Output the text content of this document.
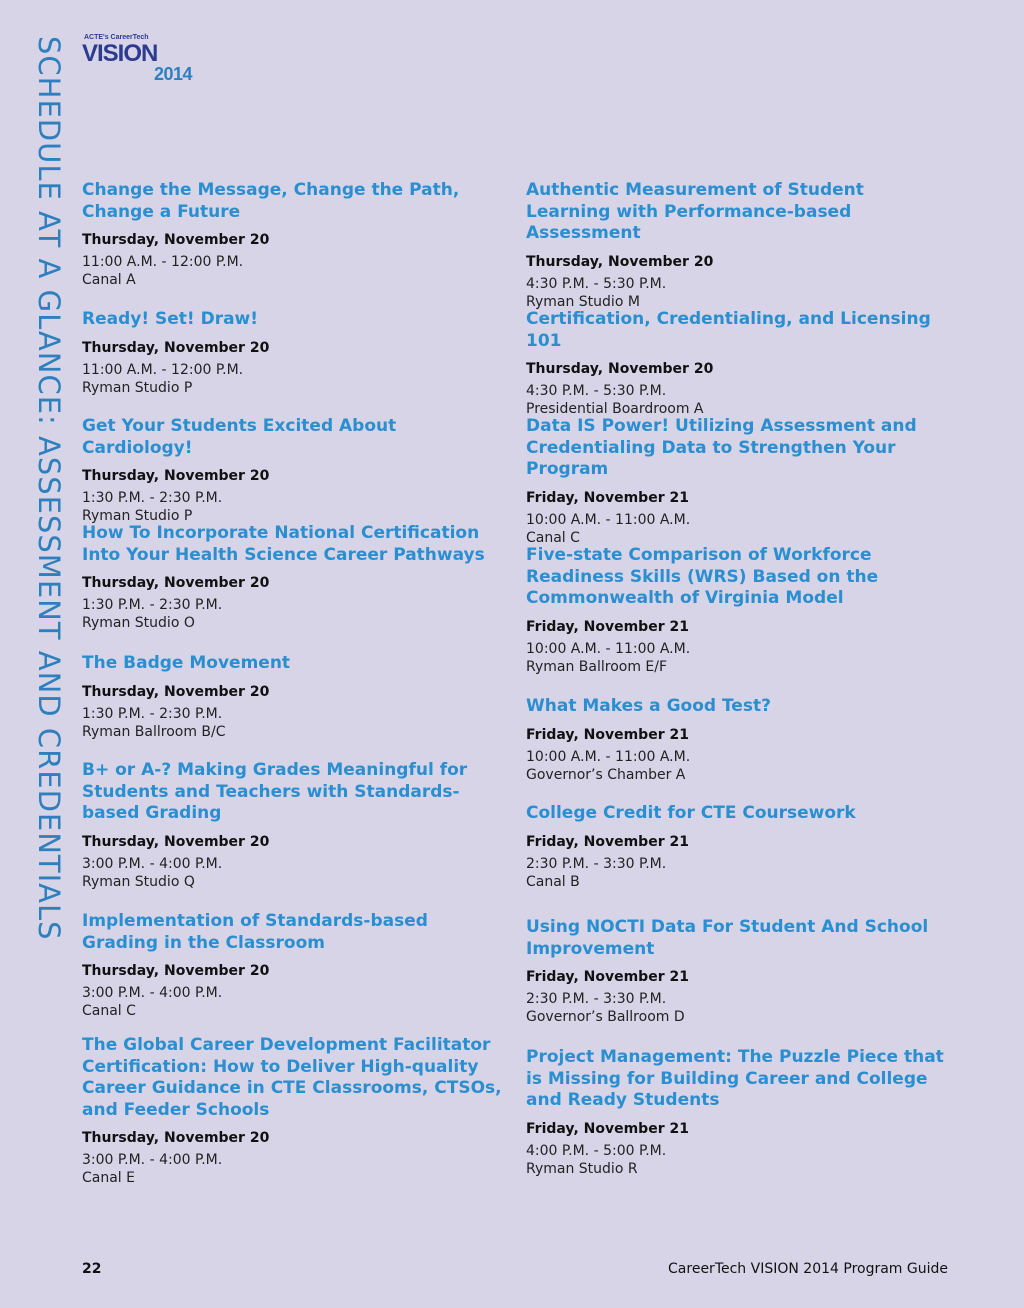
SCHEDULE AT A GLANCE: ASSESSMENT AND CREDENTIALS	ACTE's CareerTech
VISION
2014
Change the Message, Change the Path, Change a Future
Thursday, November 20
11:00 A.M. - 12:00 P.M.
Canal A
Ready! Set! Draw!
Thursday, November 20
11:00 A.M. - 12:00 P.M.
Ryman Studio P
Get Your Students Excited About Cardiology!
Thursday, November 20
1:30 P.M. - 2:30 P.M.
Ryman Studio P
How To Incorporate National Certification Into Your Health Science Career Pathways
Thursday, November 20
1:30 P.M. - 2:30 P.M.
Ryman Studio O
The Badge Movement
Thursday, November 20
1:30 P.M. - 2:30 P.M.
Ryman Ballroom B/C
B+ or A-? Making Grades Meaningful for Students and Teachers with Standards-based Grading
Thursday, November 20
3:00 P.M. - 4:00 P.M.
Ryman Studio Q
Implementation of Standards-based Grading in the Classroom
Thursday, November 20
3:00 P.M. - 4:00 P.M.
Canal C
The Global Career Development Facilitator Certification: How to Deliver High-quality Career Guidance in CTE Classrooms, CTSOs, and Feeder Schools
Thursday, November 20
3:00 P.M. - 4:00 P.M.
Canal E
Authentic Measurement of Student Learning with Performance-based Assessment
Thursday, November 20
4:30 P.M. - 5:30 P.M.
Ryman Studio M
Certification, Credentialing, and Licensing 101
Thursday, November 20
4:30 P.M. - 5:30 P.M.
Presidential Boardroom A
Data IS Power! Utilizing Assessment and Credentialing Data to Strengthen Your Program
Friday, November 21
10:00 A.M. - 11:00 A.M.
Canal C
Five-state Comparison of Workforce Readiness Skills (WRS) Based on the Commonwealth of Virginia Model
Friday, November 21
10:00 A.M. - 11:00 A.M.
Ryman Ballroom E/F
What Makes a Good Test?
Friday, November 21
10:00 A.M. - 11:00 A.M.
Governor’s Chamber A
College Credit for CTE Coursework
Friday, November 21
2:30 P.M. - 3:30 P.M.
Canal B
Using NOCTI Data For Student And School Improvement
Friday, November 21
2:30 P.M. - 3:30 P.M.
Governor’s Ballroom D
Project Management: The Puzzle Piece that is Missing for Building Career and College and Ready Students
Friday, November 21
4:00 P.M. - 5:00 P.M.
Ryman Studio R
22	CareerTech VISION 2014 Program Guide
